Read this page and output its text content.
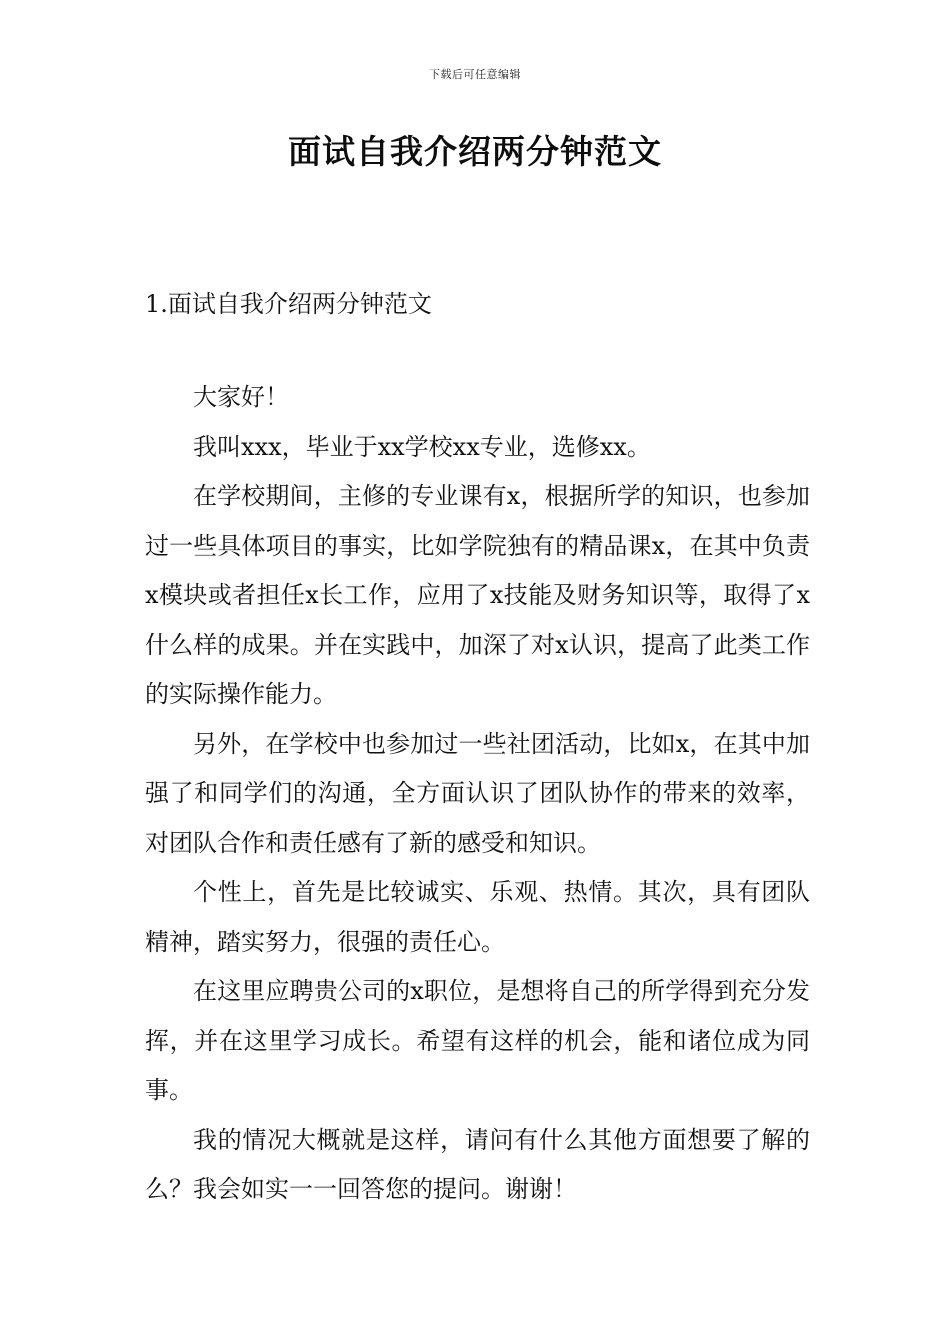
下载后可任意编辑
面试自我介绍两分钟范文
1.面试自我介绍两分钟范文

大家好！

我叫xxx，毕业于xx学校xx专业，选修xx。

在学校期间，主修的专业课有x，根据所学的知识，也参加过一些具体项目的事实，比如学院独有的精品课x，在其中负责x模块或者担任x长工作，应用了x技能及财务知识等，取得了x什么样的成果。并在实践中，加深了对x认识，提高了此类工作的实际操作能力。

另外，在学校中也参加过一些社团活动，比如x，在其中加强了和同学们的沟通，全方面认识了团队协作的带来的效率，对团队合作和责任感有了新的感受和知识。

个性上，首先是比较诚实、乐观、热情。其次，具有团队精神，踏实努力，很强的责任心。

在这里应聘贵公司的x职位，是想将自己的所学得到充分发挥，并在这里学习成长。希望有这样的机会，能和诸位成为同事。

我的情况大概就是这样，请问有什么其他方面想要了解的么？我会如实一一回答您的提问。谢谢！
